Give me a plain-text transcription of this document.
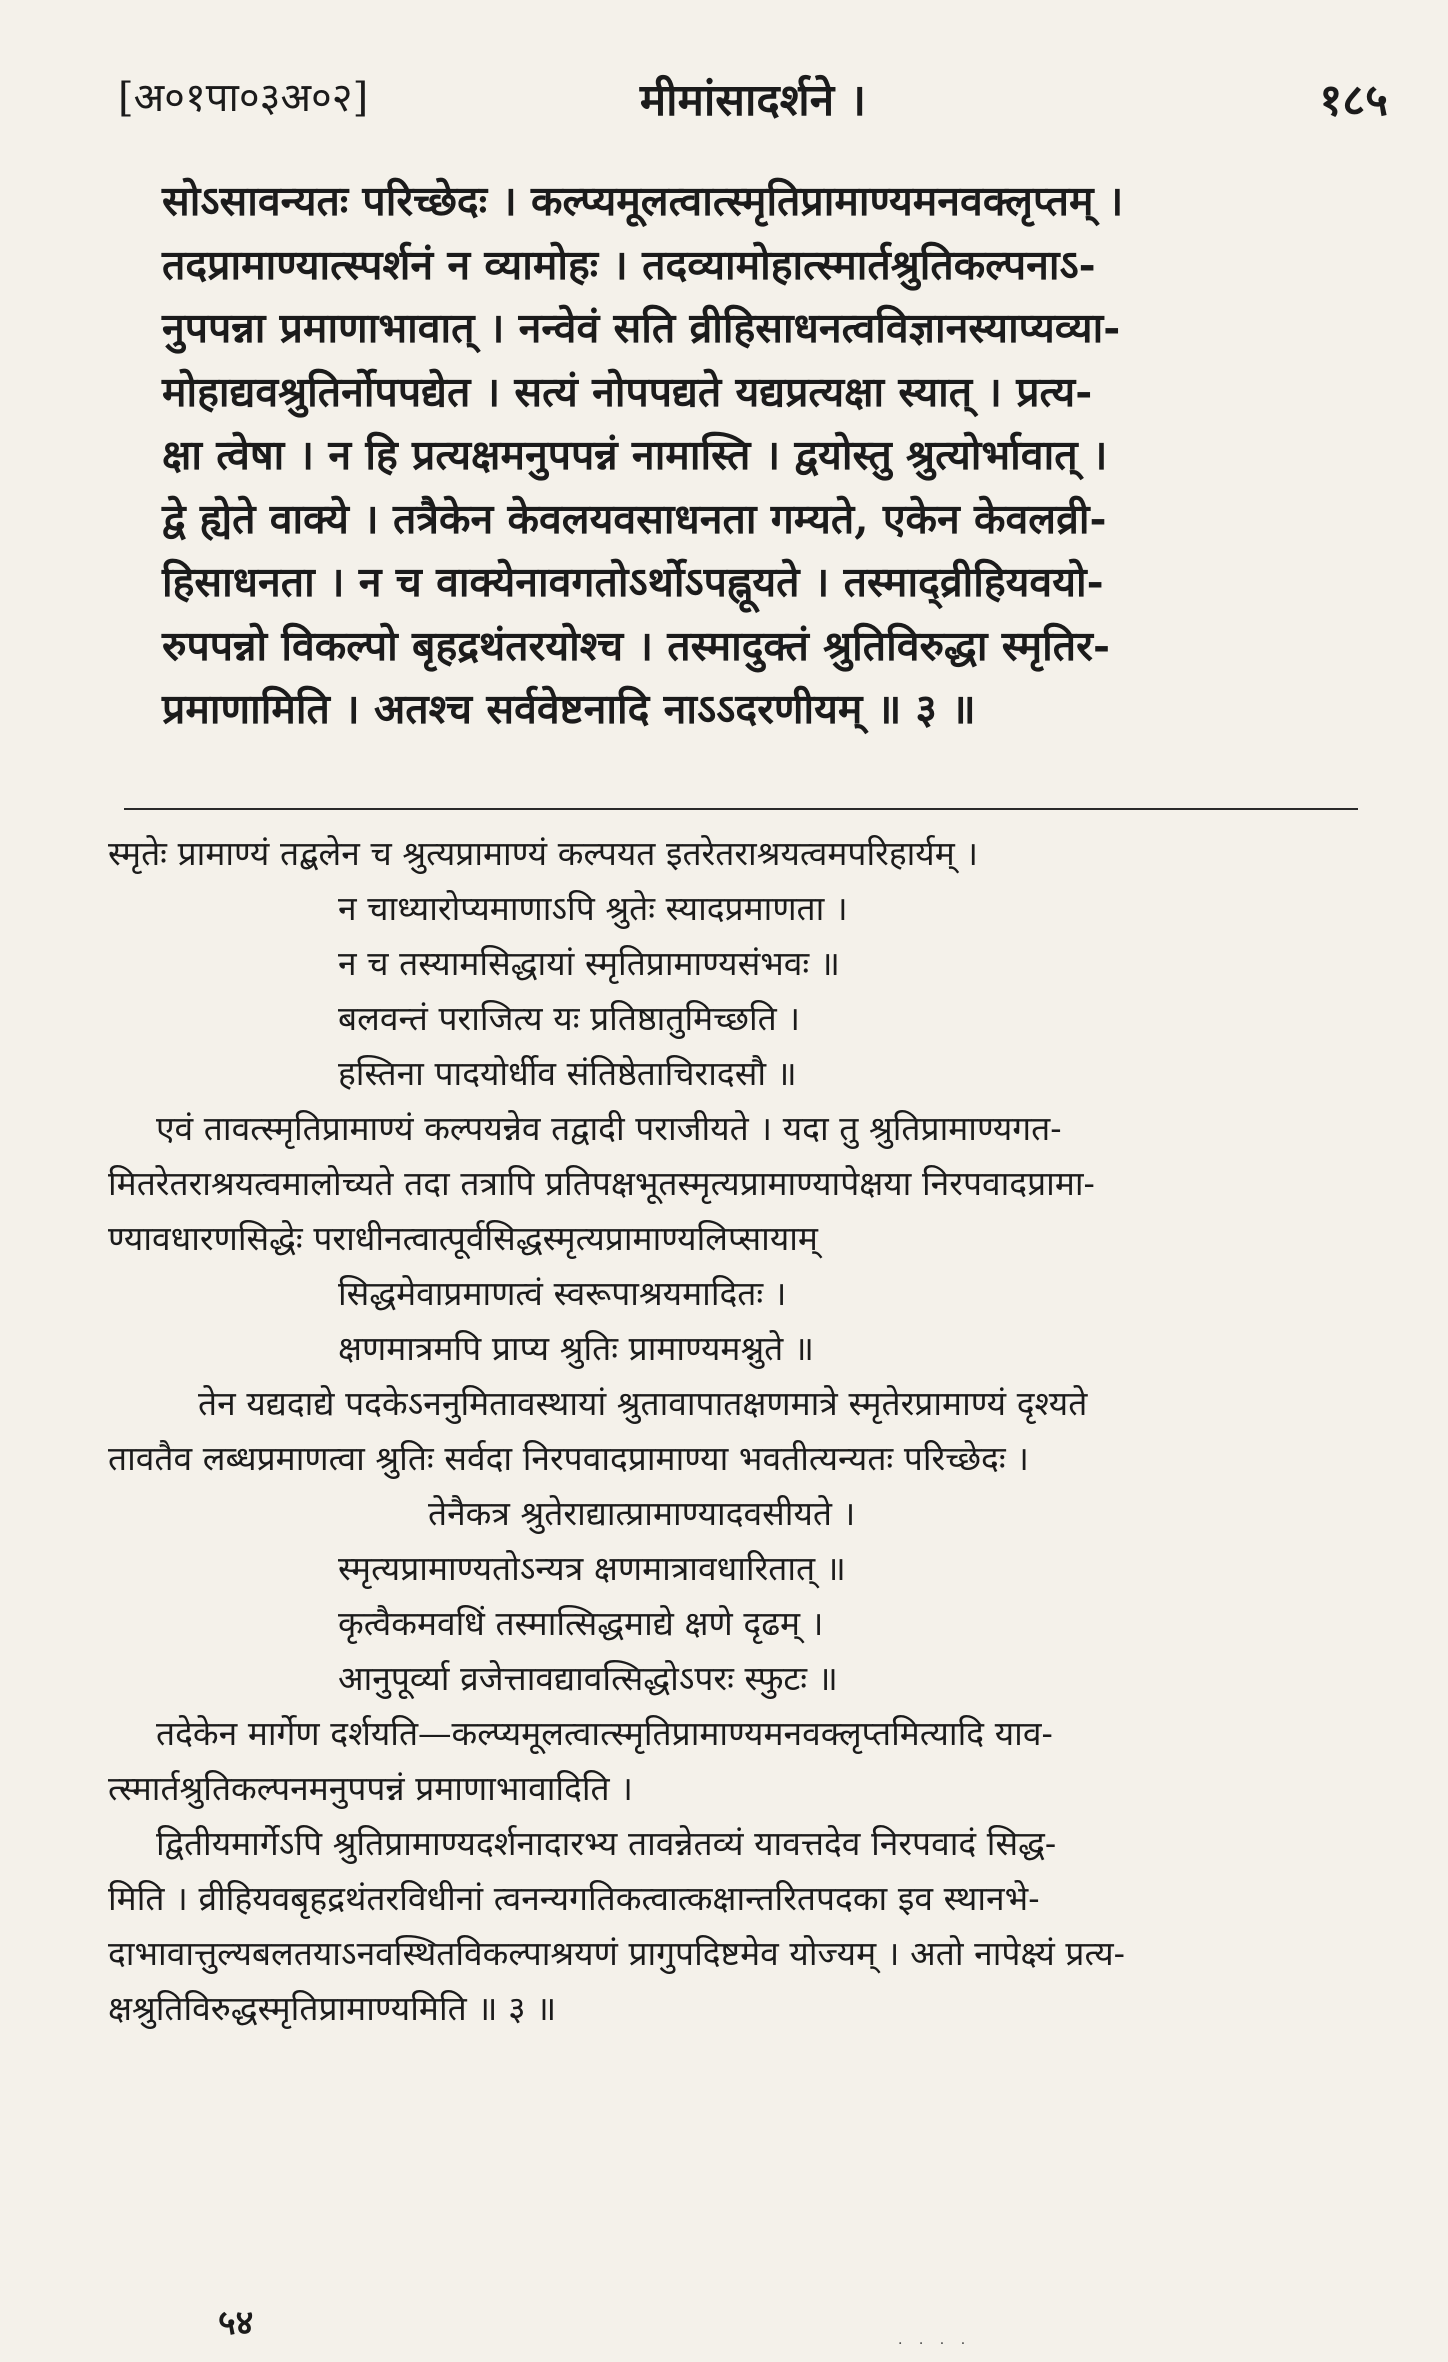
[अ०१पा०३अ०२]	मीमांसादर्शने ।	१८५

सोऽसावन्यतः परिच्छेदः । कल्प्यमूलत्वात्स्मृतिप्रामाण्यमनवक्लृप्तम् ।

तदप्रामाण्यात्स्पर्शनं न व्यामोहः । तदव्यामोहात्स्मार्तश्रुतिकल्पनाऽ-

नुपपन्ना प्रमाणाभावात् । नन्वेवं सति व्रीहिसाधनत्वविज्ञानस्याप्यव्या-

मोहाद्यवश्रुतिर्नोपपद्येत । सत्यं नोपपद्यते यद्यप्रत्यक्षा स्यात् । प्रत्य-

क्षा त्वेषा । न हि प्रत्यक्षमनुपपन्नं नामास्ति । द्वयोस्तु श्रुत्योर्भावात् ।

द्वे ह्येते वाक्ये । तत्रैकेन केवलयवसाधनता गम्यते, एकेन केवलव्री-

हिसाधनता । न च वाक्येनावगतोऽर्थोऽपह्नूयते । तस्माद्व्रीहियवयो-

रुपपन्नो विकल्पो बृहद्रथंतरयोश्च । तस्मादुक्तं श्रुतिविरुद्धा स्मृतिर-

प्रमाणामिति । अतश्च सर्ववेष्टनादि नाऽऽदरणीयम् ॥ ३ ॥

स्मृतेः प्रामाण्यं तद्बलेन च श्रुत्यप्रामाण्यं कल्पयत इतरेतराश्रयत्वमपरिहार्यम् ।
न चाध्यारोप्यमाणाऽपि श्रुतेः स्यादप्रमाणता ।
न च तस्यामसिद्धायां स्मृतिप्रामाण्यसंभवः ॥
बलवन्तं पराजित्य यः प्रतिष्ठातुमिच्छति ।
हस्तिना पादयोर्धीव संतिष्ठेताचिरादसौ ॥
एवं तावत्स्मृतिप्रामाण्यं कल्पयन्नेव तद्वादी पराजीयते । यदा तु श्रुतिप्रामाण्यगत-
मितरेतराश्रयत्वमालोच्यते तदा तत्रापि प्रतिपक्षभूतस्मृत्यप्रामाण्यापेक्षया निरपवादप्रामा-
ण्यावधारणसिद्धेः पराधीनत्वात्पूर्वसिद्धस्मृत्यप्रामाण्यलिप्सायाम्
सिद्धमेवाप्रमाणत्वं स्वरूपाश्रयमादितः ।
क्षणमात्रमपि प्राप्य श्रुतिः प्रामाण्यमश्नुते ॥
तेन यद्यदाद्ये पदकेऽननुमितावस्थायां श्रुतावापातक्षणमात्रे स्मृतेरप्रामाण्यं दृश्यते
तावतैव लब्धप्रमाणत्वा श्रुतिः सर्वदा निरपवादप्रामाण्या भवतीत्यन्यतः परिच्छेदः ।
तेनैकत्र श्रुतेराद्यात्प्रामाण्यादवसीयते ।
स्मृत्यप्रामाण्यतोऽन्यत्र क्षणमात्रावधारितात् ॥
कृत्वैकमवधिं तस्मात्सिद्धमाद्ये क्षणे दृढम् ।
आनुपूर्व्या व्रजेत्तावद्यावत्सिद्धोऽपरः स्फुटः ॥
तदेकेन मार्गेण दर्शयति—कल्प्यमूलत्वात्स्मृतिप्रामाण्यमनवक्लृप्तमित्यादि याव-
त्स्मार्तश्रुतिकल्पनमनुपपन्नं प्रमाणाभावादिति ।
द्वितीयमार्गेऽपि श्रुतिप्रामाण्यदर्शनादारभ्य तावन्नेतव्यं यावत्तदेव निरपवादं सिद्ध-
मिति । व्रीहियवबृहद्रथंतरविधीनां त्वनन्यगतिकत्वात्कक्षान्तरितपदका इव स्थानभे-
दाभावात्तुल्यबलतयाऽनवस्थितविकल्पाश्रयणं प्रागुपदिष्टमेव योज्यम् । अतो नापेक्ष्यं प्रत्य-
क्षश्रुतिविरुद्धस्मृतिप्रामाण्यमिति ॥ ३ ॥
५४
· · · ·
